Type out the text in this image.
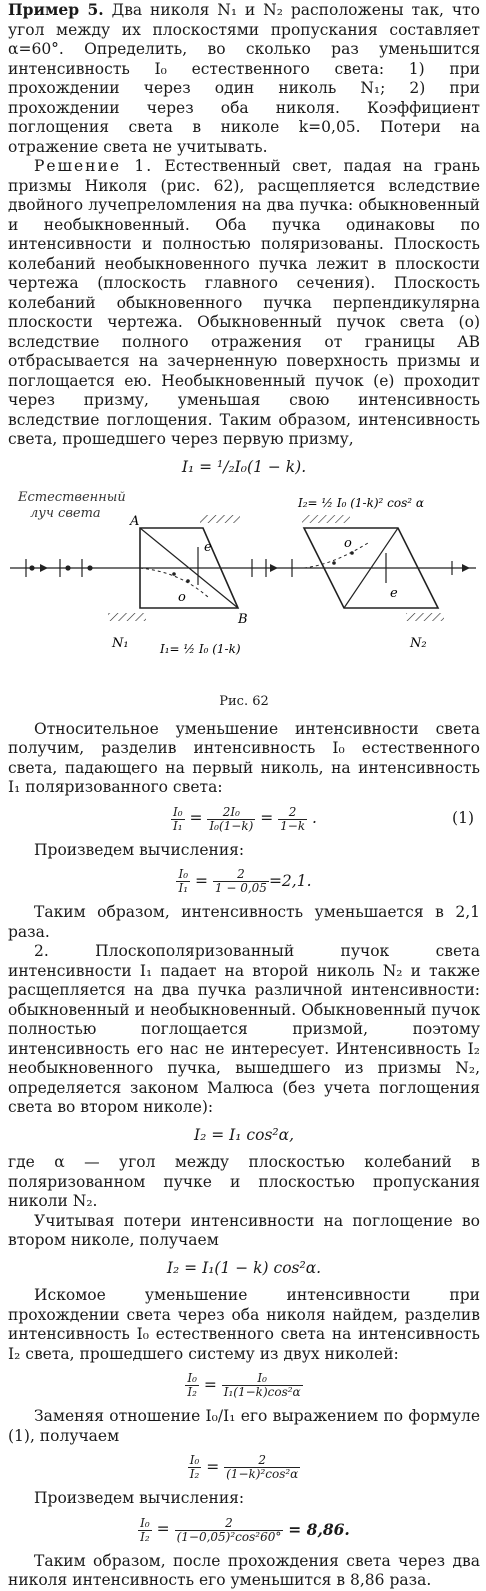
Пример 5. Два николя N₁ и N₂ расположены так, что угол между их плоскостями пропускания составляет α=60°. Определить, во сколько раз уменьшится интенсивность I₀ естественного света: 1) при прохождении через один николь N₁; 2) при прохождении через оба николя. Коэффициент поглощения света в николе k=0,05. Потери на отражение света не учитывать.

Решение 1. Естественный свет, падая на грань призмы Николя (рис. 62), расщепляется вследствие двойного лучепреломления на два пучка: обыкновенный и необыкновенный. Оба пучка одинаковы по интенсивности и полностью поляризованы. Плоскость колебаний необыкновенного пучка лежит в плоскости чертежа (плоскость главного сечения). Плоскость колебаний обыкновенного пучка перпендикулярна плоскости чертежа. Обыкновенный пучок света (o) вследствие полного отражения от границы AB отбрасывается на зачерненную поверхность призмы и поглощается ею. Необыкновенный пучок (e) проходит через призму, уменьшая свою интенсивность вследствие поглощения. Таким образом, интенсивность света, прошедшего через первую призму,

I₁ = ¹/₂I₀(1 − k).
Естественный
луч света
A
B
e
o
N₁	I₁= ½ I₀ (1-k)
I₂= ½ I₀ (1-k)² cos² α
o
e
N₂
Рис. 62

Относительное уменьшение интенсивности света получим, разделив интенсивность I₀ естественного света, падающего на первый николь, на интенсивность I₁ поляризованного света:

$\frac{\text{I₀}}{\text{I₁}} = \frac{\text{2I₀}}{\text{I₀(1−k)}} = \frac{2}{1-k}$ .	(1)

Произведем вычисления:

$\frac{\text{I₀}}{\text{I₁}} = \frac{2}{1 - 0,05} =2,1$.

Таким образом, интенсивность уменьшается в 2,1 раза.

2. Плоскополяризованный пучок света интенсивности I₁ падает на второй николь N₂ и также расщепляется на два пучка различной интенсивности: обыкновенный и необыкновенный. Обыкновенный пучок полностью поглощается призмой, поэтому интенсивность его нас не интересует. Интенсивность I₂ необыкновенного пучка, вышедшего из призмы N₂, определяется законом Малюса (без учета поглощения света во втором николе):

I₂ = I₁ cos²α,

где α — угол между плоскостью колебаний в поляризованном пучке и плоскостью пропускания николи N₂.

Учитывая потери интенсивности на поглощение во втором николе, получаем

I₂ = I₁(1 − k) cos²α.

Искомое уменьшение интенсивности при прохождении света через оба николя найдем, разделив интенсивность I₀ естественного света на интенсивность I₂ света, прошедшего систему из двух николей:

$\frac{\text{I₀}}{\text{I₂}} = \frac{\text{I₀}}{\text{I₁(1−k)cos²α}}$

Заменяя отношение I₀/I₁ его выражением по формуле (1), получаем

$\frac{\text{I₀}}{\text{I₂}} = \frac{2}{\text{(1−k)²cos²α}}$

Произведем вычисления:

$\frac{\text{I₀}}{\text{I₂}} = \frac{2}{\text{(1−0,05)²cos²60°}}$
= 8,86.

Таким образом, после прохождения света через два николя интенсивность его уменьшится в 8,86 раза.
